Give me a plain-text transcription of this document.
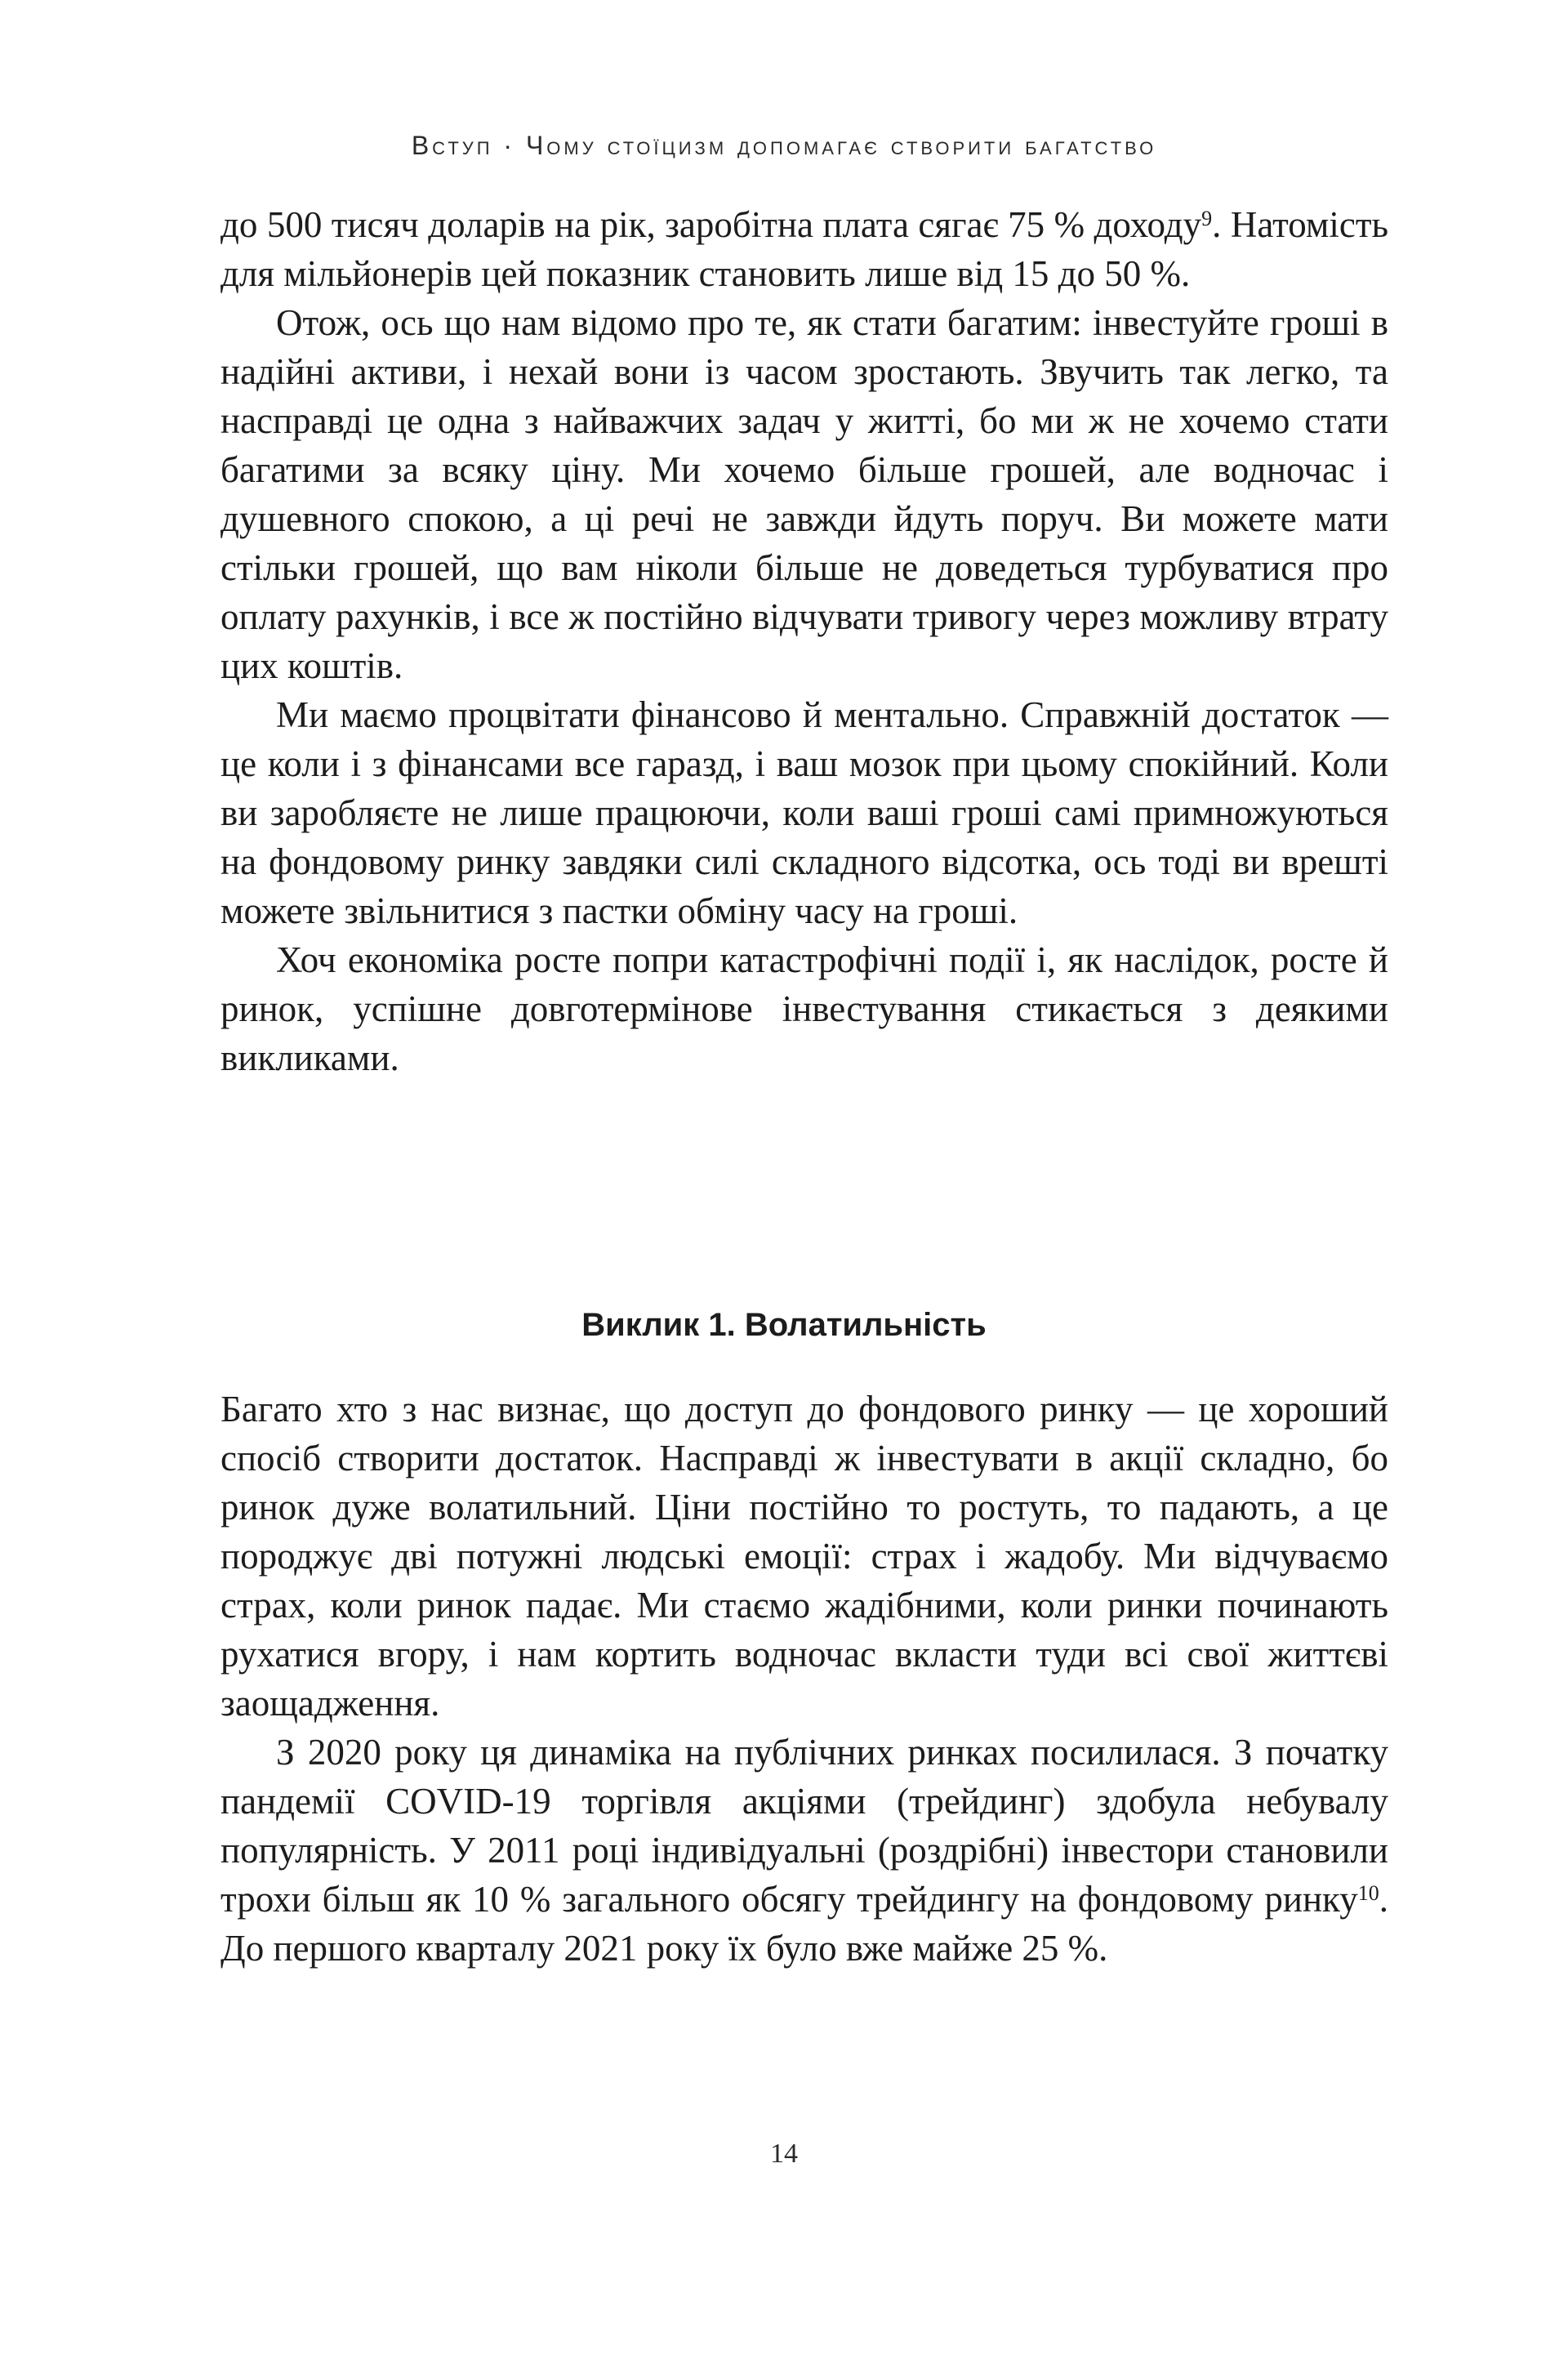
Вступ · Чому стоїцизм допомагає створити багатство

до 500 тисяч доларів на рік, заробітна плата сягає 75 % доходу$^9$. Натомість для мільйонерів цей показник становить лише від 15 до 50 %.

Отож, ось що нам відомо про те, як стати багатим: інвестуйте гроші в надійні активи, і нехай вони із часом зростають. Звучить так легко, та насправді це одна з найважчих задач у житті, бо ми ж не хочемо стати багатими за всяку ціну. Ми хочемо більше грошей, але водночас і душевного спокою, а ці речі не завжди йдуть поруч. Ви можете мати стільки грошей, що вам ніколи більше не доведеться турбуватися про оплату рахунків, і все ж постійно відчувати тривогу через можливу втрату цих коштів.

Ми маємо процвітати фінансово й ментально. Справжній достаток — це коли і з фінансами все гаразд, і ваш мозок при цьому спокійний. Коли ви заробляєте не лише працюючи, коли ваші гроші самі примножуються на фондовому ринку завдяки силі складного відсотка, ось тоді ви врешті можете звільнитися з пастки обміну часу на гроші.

Хоч економіка росте попри катастрофічні події і, як наслідок, росте й ринок, успішне довготермінове інвестування стикається з деякими викликами.

Виклик 1. Волатильність

Багато хто з нас визнає, що доступ до фондового ринку — це хороший спосіб створити достаток. Насправді ж інвестувати в акції складно, бо ринок дуже волатильний. Ціни постійно то ростуть, то падають, а це породжує дві потужні людські емоції: страх і жадобу. Ми відчуваємо страх, коли ринок падає. Ми стаємо жадібними, коли ринки починають рухатися вгору, і нам кортить водночас вкласти туди всі свої життєві заощадження.

З 2020 року ця динаміка на публічних ринках посилилася. З початку пандемії COVID-19 торгівля акціями (трейдинг) здобула небувалу популярність. У 2011 році індивідуальні (роздрібні) інвестори становили трохи більш як 10 % загального обсягу трейдингу на фондовому ринку$^{10}$. До першого кварталу 2021 року їх було вже майже 25 %.

14
